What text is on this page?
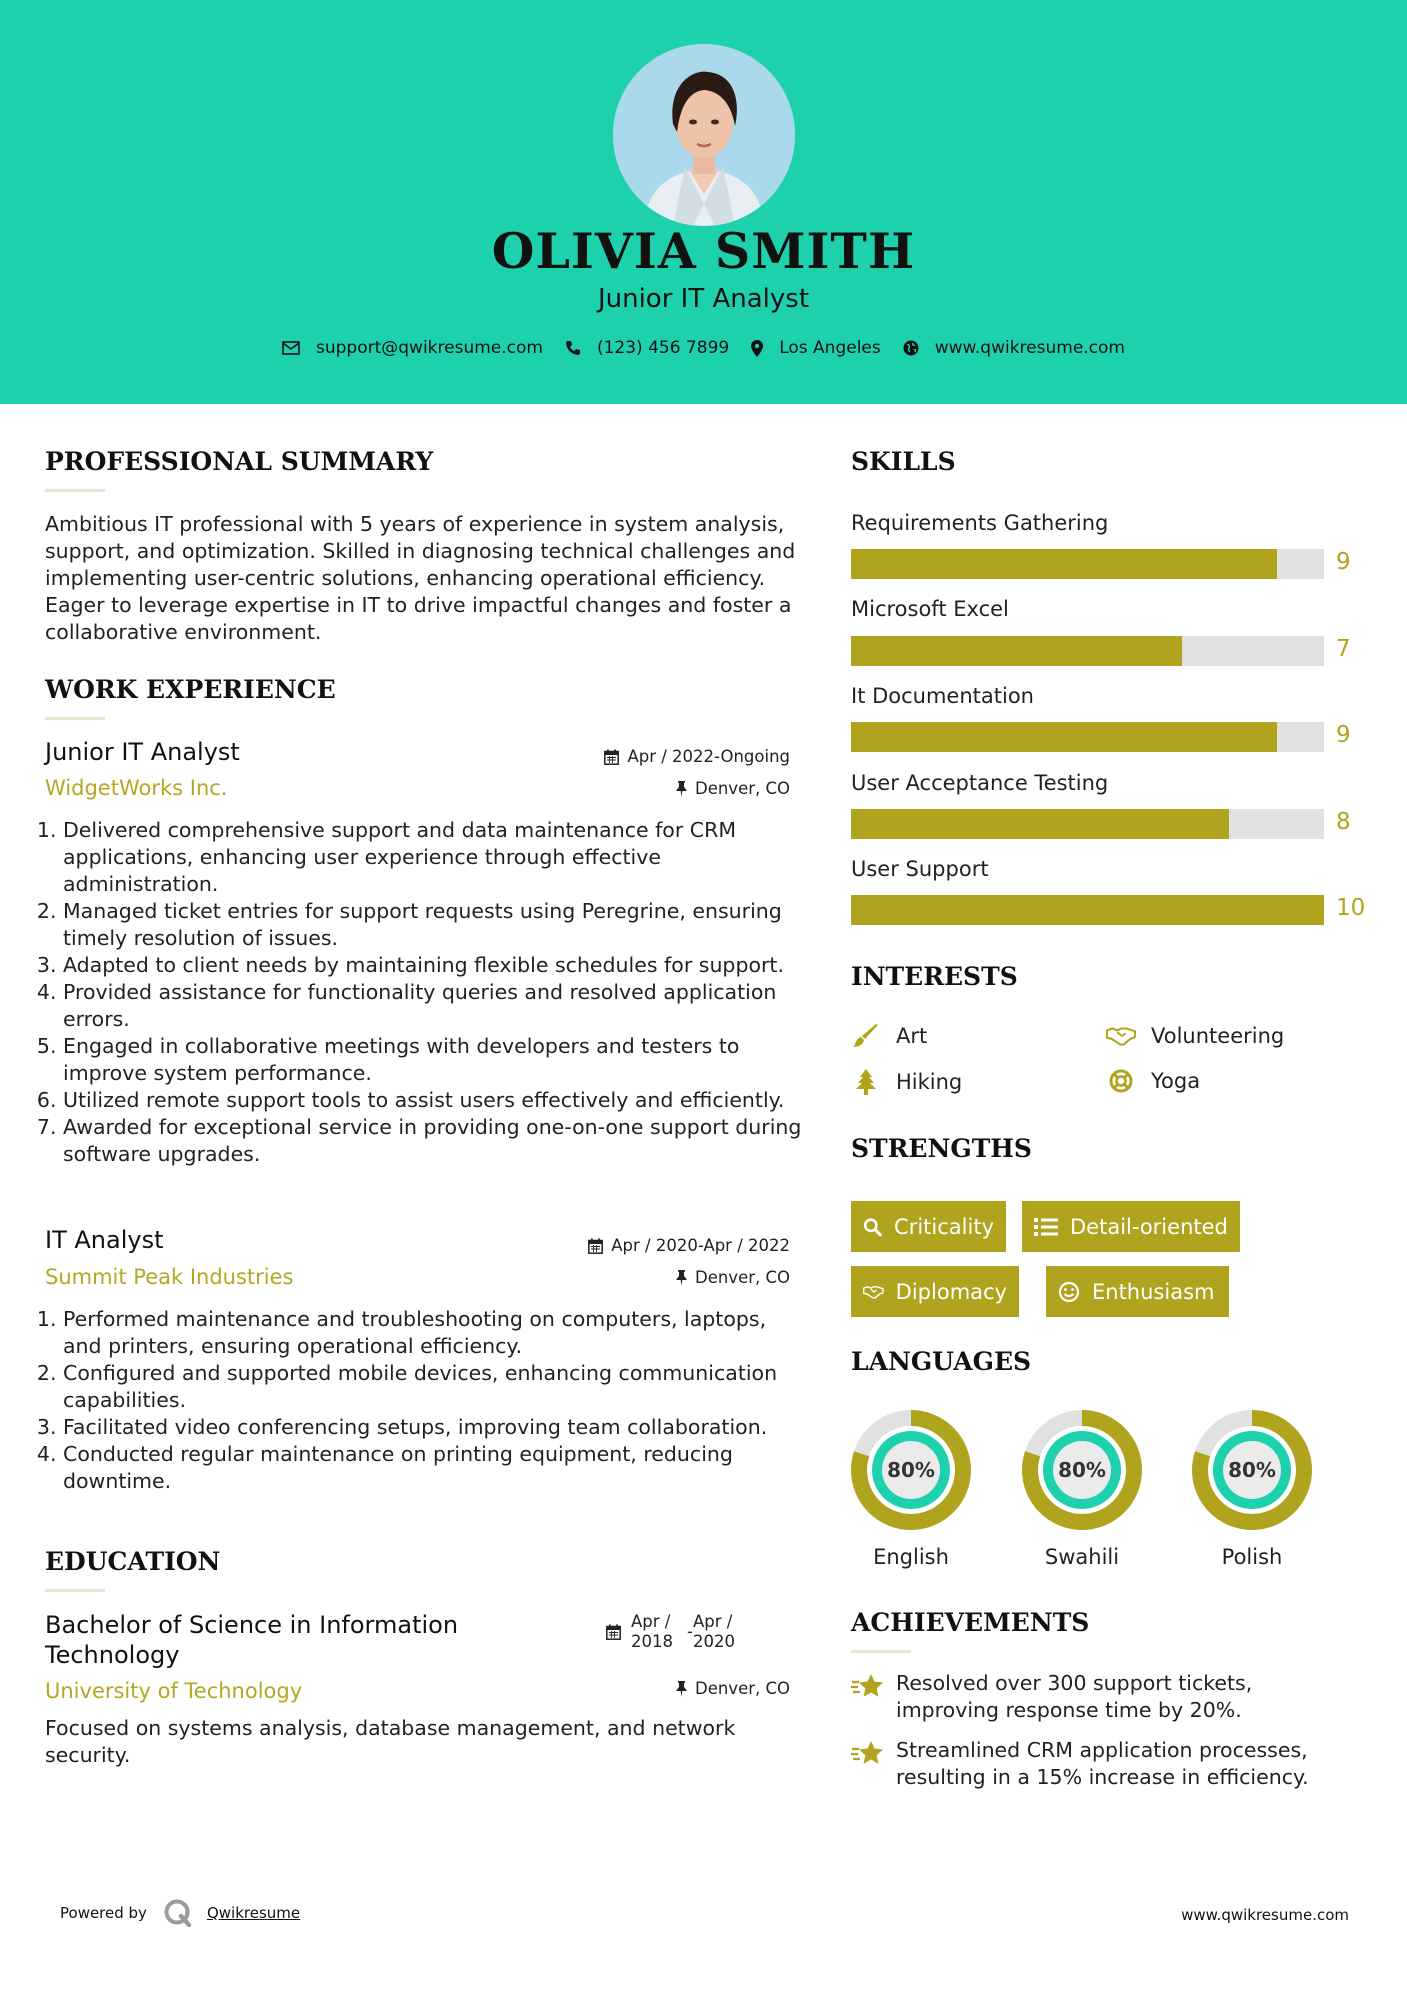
OLIVIA SMITH
Junior IT Analyst
support@qwikresume.com	(123) 456 7899	Los Angeles	www.qwikresume.com
PROFESSIONAL SUMMARY
Ambitious IT professional with 5 years of experience in system analysis, support, and optimization. Skilled in diagnosing technical challenges and implementing user-centric solutions, enhancing operational efficiency. Eager to leverage expertise in IT to drive impactful changes and foster a collaborative environment.
WORK EXPERIENCE
Junior IT Analyst	Apr / 2022-Ongoing
WidgetWorks Inc.	Denver, CO
1. Delivered comprehensive support and data maintenance for CRM applications, enhancing user experience through effective administration.
2. Managed ticket entries for support requests using Peregrine, ensuring timely resolution of issues.
3. Adapted to client needs by maintaining flexible schedules for support.
4. Provided assistance for functionality queries and resolved application errors.
5. Engaged in collaborative meetings with developers and testers to improve system performance.
6. Utilized remote support tools to assist users effectively and efficiently.
7. Awarded for exceptional service in providing one-on-one support during software upgrades.
IT Analyst	Apr / 2020-Apr / 2022
Summit Peak Industries	Denver, CO
1. Performed maintenance and troubleshooting on computers, laptops, and printers, ensuring operational efficiency.
2. Configured and supported mobile devices, enhancing communication capabilities.
3. Facilitated video conferencing setups, improving team collaboration.
4. Conducted regular maintenance on printing equipment, reducing downtime.
EDUCATION
Bachelor of Science in Information Technology
Apr /
2018
-
Apr /
2020
University of Technology	Denver, CO
Focused on systems analysis, database management, and network security.
SKILLS
Requirements Gathering
9
Microsoft Excel
7
It Documentation
9
User Acceptance Testing
8
User Support
10
INTERESTS
Art	Volunteering
Hiking	Yoga
STRENGTHS
Criticality	Detail-oriented
Diplomacy	Enthusiasm
LANGUAGES
80%
English
80%
Swahili
80%
Polish
ACHIEVEMENTS
Resolved over 300 support tickets, improving response time by 20%.
Streamlined CRM application processes, resulting in a 15% increase in efficiency.
Powered by	Qwikresume	www.qwikresume.com
